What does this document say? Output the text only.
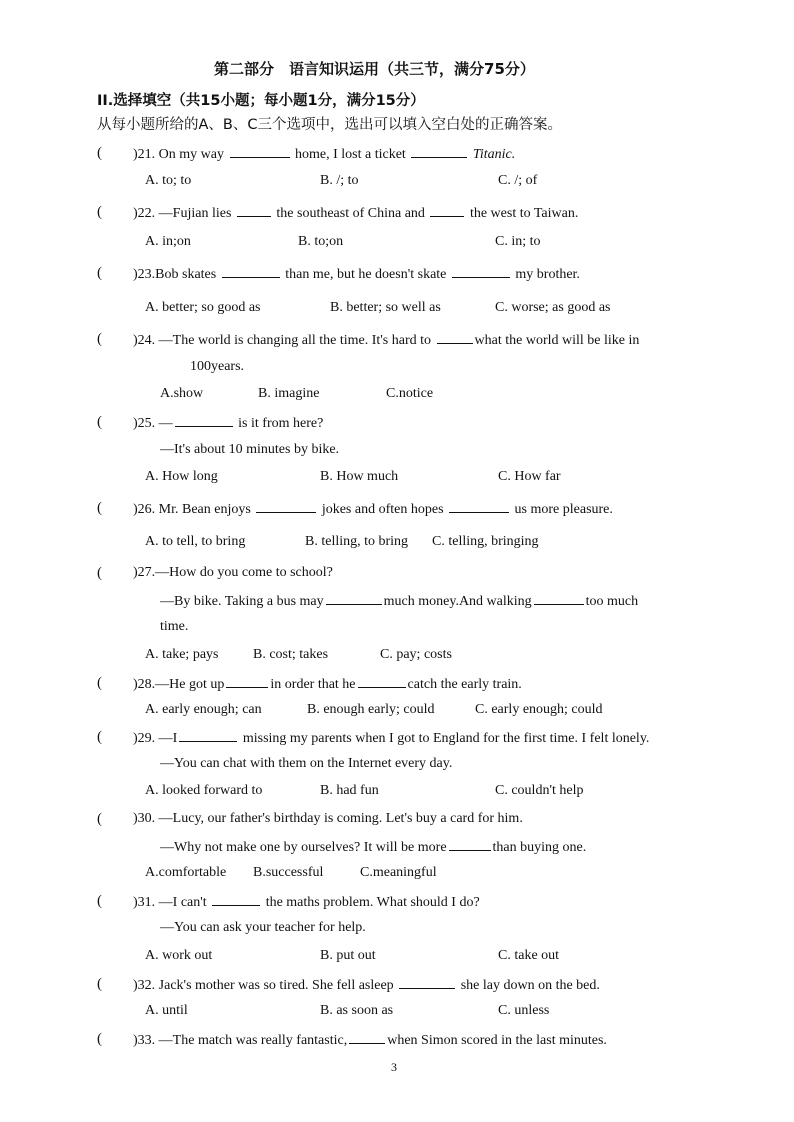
第二部分　语言知识运用（共三节，满分75分）
II.选择填空（共15小题；每小题1分，满分15分）
从每小题所给的A、B、C三个选项中，选出可以填入空白处的正确答案。
( )21. On my way	home, I lost a ticket	Titanic.
A. to; to	B. /; to	C. /; of
( )22. —Fujian lies	the southeast of China and	the west to Taiwan.
A. in;on	B. to;on	C. in; to
( )23.Bob skates	than me, but he doesn't skate	my brother.
A. better; so good as	B. better; so well as	C. worse; as good as
( )24. —The world is changing all the time. It's hard to	what the world will be like in
100years.
A.show	B. imagine	C.notice
( )25. —	is it from here?
—It's about 10 minutes by bike.
A. How long	B. How much	C. How far
( )26. Mr. Bean enjoys	jokes and often hopes	us more pleasure.
A. to tell, to bring	B. telling, to bring C. telling, bringing
( )27.—How do you come to school?
—By bike. Taking a bus may	much money.And walking	too much
time.
A. take; pays B. cost; takes	C. pay; costs
( )28.—He got up	in order that he	catch the early train.
A. early enough; can	B. enough early; could	C. early enough; could
( )29. —I	missing my parents when I got to England for the first time. I felt lonely.
—You can chat with them on the Internet every day.
A. looked forward to	B. had fun	C. couldn't help
( )30. —Lucy, our father's birthday is coming. Let's buy a card for him.
—Why not make one by ourselves? It will be more	than buying one.
A.comfortable B.successful	C.meaningful
( )31. —I can't	the maths problem. What should I do?
—You can ask your teacher for help.
A. work out	B. put out	C. take out
( )32. Jack's mother was so tired. She fell asleep	she lay down on the bed.
A. until	B. as soon as	C. unless
( )33. —The match was really fantastic,	when Simon scored in the last minutes.
3
